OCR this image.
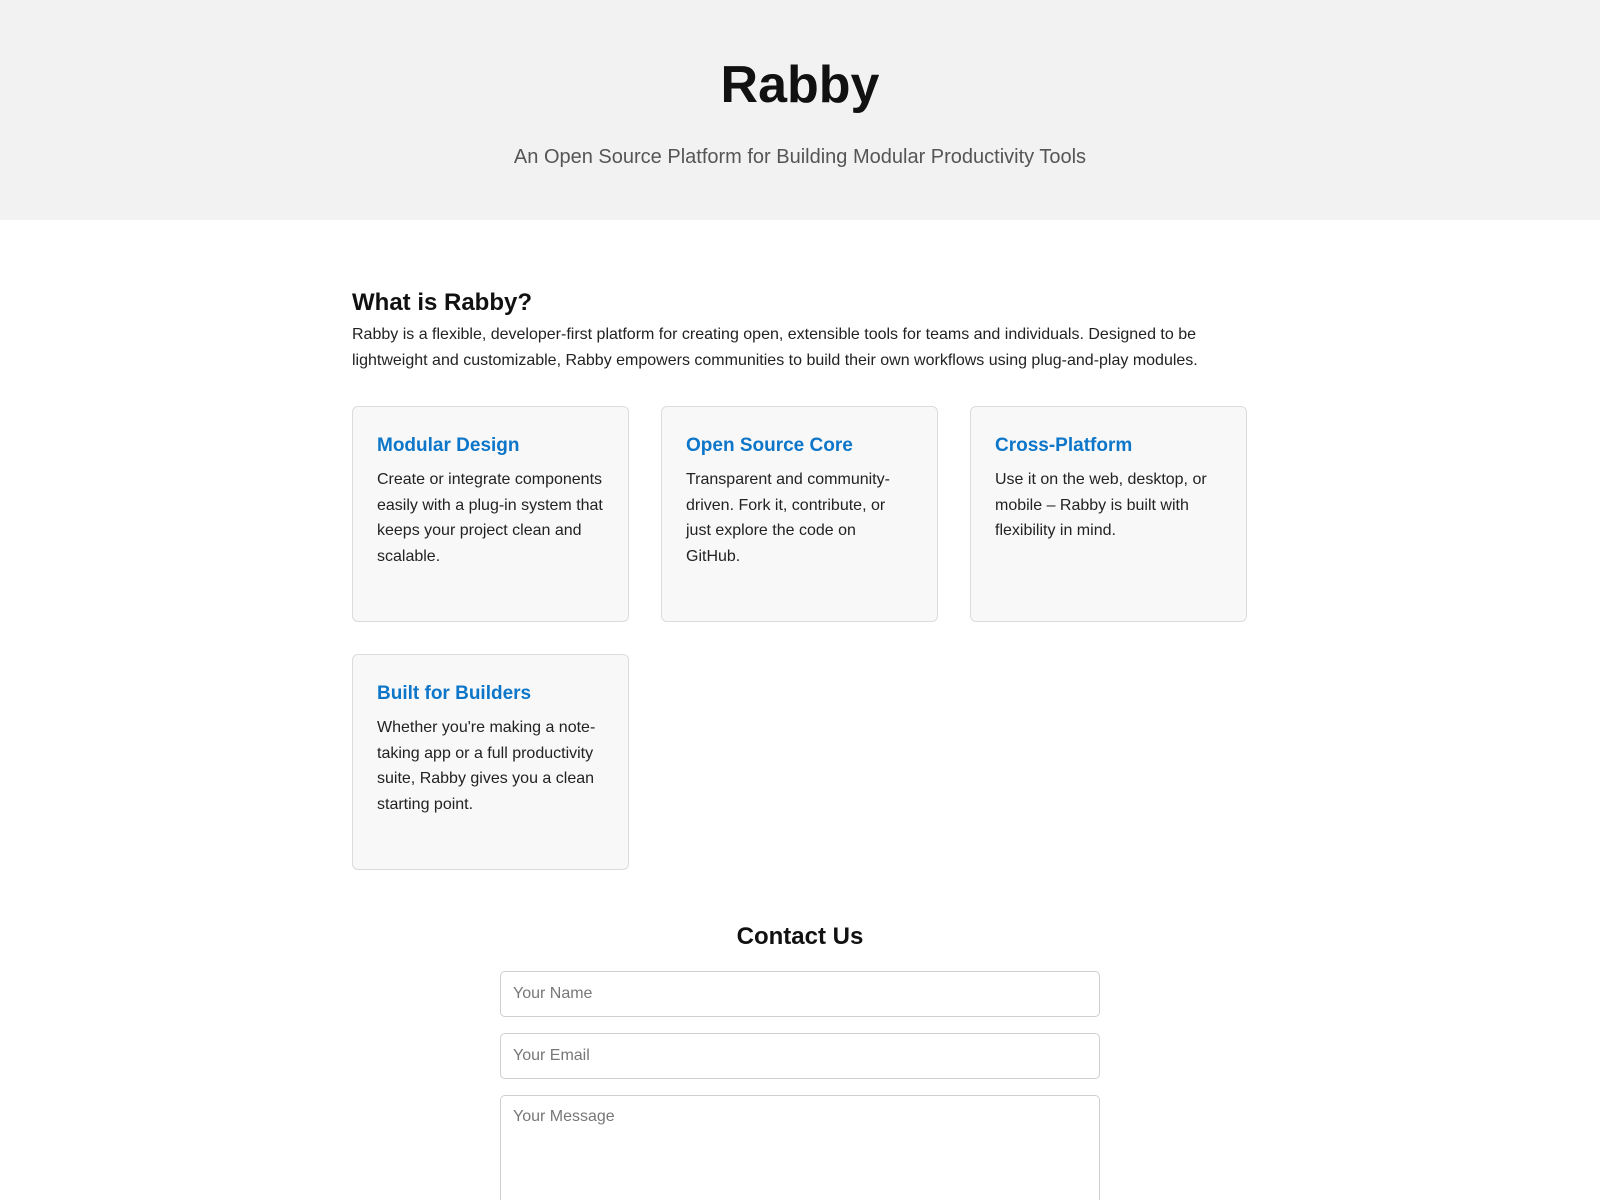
Rabby

An Open Source Platform for Building Modular Productivity Tools

What is Rabby?

Rabby is a flexible, developer-first platform for creating open, extensible tools for teams and individuals. Designed to be lightweight and customizable, Rabby empowers communities to build their own workflows using plug-and-play modules.

Modular Design

Create or integrate components easily with a plug-in system that keeps your project clean and scalable.

Open Source Core

Transparent and community-driven. Fork it, contribute, or just explore the code on GitHub.

Cross-Platform

Use it on the web, desktop, or mobile – Rabby is built with flexibility in mind.

Built for Builders

Whether you're making a note-taking app or a full productivity suite, Rabby gives you a clean starting point.

Contact Us
Your Name
Your Email
Your Message
